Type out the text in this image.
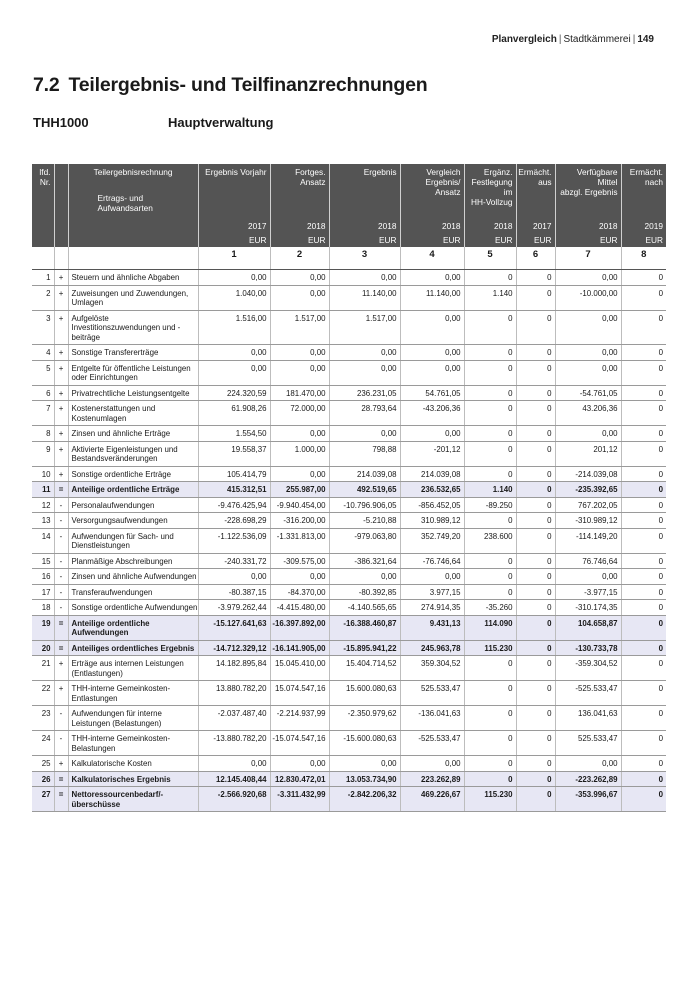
Planvergleich | Stadtkämmerei | 149
7.2 Teilergebnis- und Teilfinanzrechnungen
THH1000	Hauptverwaltung
lfd.
Nr.		Teilergebnisrechnung
Ertrags- und Aufwandsarten	Ergebnis Vorjahr	Fortges.
Ansatz	Ergebnis	Vergleich
Ergebnis/
Ansatz	Ergänz.
Festlegung im
HH-Vollzug	Ermächt.
aus	Verfügbare Mittel
abzgl. Ergebnis	Ermächt.
nach
			2017	2018	2018	2018	2018	2017	2018	2019
			EUR	EUR	EUR	EUR	EUR	EUR	EUR	EUR
			1	2	3	4	5	6	7	8
1	+	Steuern und ähnliche Abgaben	0,00	0,00	0,00	0,00	0	0	0,00	0
2	+	Zuweisungen und Zuwendungen, Umlagen	1.040,00	0,00	11.140,00	11.140,00	1.140	0	-10.000,00	0
3	+	Aufgelöste Investitionszuwendungen und -beiträge	1.516,00	1.517,00	1.517,00	0,00	0	0	0,00	0
4	+	Sonstige Transfererträge	0,00	0,00	0,00	0,00	0	0	0,00	0
5	+	Entgelte für öffentliche Leistungen oder Einrichtungen	0,00	0,00	0,00	0,00	0	0	0,00	0
6	+	Privatrechtliche Leistungsentgelte	224.320,59	181.470,00	236.231,05	54.761,05	0	0	-54.761,05	0
7	+	Kostenerstattungen und Kostenumlagen	61.908,26	72.000,00	28.793,64	-43.206,36	0	0	43.206,36	0
8	+	Zinsen und ähnliche Erträge	1.554,50	0,00	0,00	0,00	0	0	0,00	0
9	+	Aktivierte Eigenleistungen und Bestandsveränderungen	19.558,37	1.000,00	798,88	-201,12	0	0	201,12	0
10	+	Sonstige ordentliche Erträge	105.414,79	0,00	214.039,08	214.039,08	0	0	-214.039,08	0
11	=	Anteilige ordentliche Erträge	415.312,51	255.987,00	492.519,65	236.532,65	1.140	0	-235.392,65	0
12	-	Personalaufwendungen	-9.476.425,94	-9.940.454,00	-10.796.906,05	-856.452,05	-89.250	0	767.202,05	0
13	-	Versorgungsaufwendungen	-228.698,29	-316.200,00	-5.210,88	310.989,12	0	0	-310.989,12	0
14	-	Aufwendungen für Sach- und Dienstleistungen	-1.122.536,09	-1.331.813,00	-979.063,80	352.749,20	238.600	0	-114.149,20	0
15	-	Planmäßige Abschreibungen	-240.331,72	-309.575,00	-386.321,64	-76.746,64	0	0	76.746,64	0
16	-	Zinsen und ähnliche Aufwendungen	0,00	0,00	0,00	0,00	0	0	0,00	0
17	-	Transferaufwendungen	-80.387,15	-84.370,00	-80.392,85	3.977,15	0	0	-3.977,15	0
18	-	Sonstige ordentliche Aufwendungen	-3.979.262,44	-4.415.480,00	-4.140.565,65	274.914,35	-35.260	0	-310.174,35	0
19	=	Anteilige ordentliche Aufwendungen	-15.127.641,63	-16.397.892,00	-16.388.460,87	9.431,13	114.090	0	104.658,87	0
20	=	Anteiliges ordentliches Ergebnis	-14.712.329,12	-16.141.905,00	-15.895.941,22	245.963,78	115.230	0	-130.733,78	0
21	+	Erträge aus internen Leistungen (Entlastungen)	14.182.895,84	15.045.410,00	15.404.714,52	359.304,52	0	0	-359.304,52	0
22	+	THH-interne Gemeinkosten-Entlastungen	13.880.782,20	15.074.547,16	15.600.080,63	525.533,47	0	0	-525.533,47	0
23	-	Aufwendungen für interne Leistungen (Belastungen)	-2.037.487,40	-2.214.937,99	-2.350.979,62	-136.041,63	0	0	136.041,63	0
24	-	THH-interne Gemeinkosten-Belastungen	-13.880.782,20	-15.074.547,16	-15.600.080,63	-525.533,47	0	0	525.533,47	0
25	+	Kalkulatorische Kosten	0,00	0,00	0,00	0,00	0	0	0,00	0
26	=	Kalkulatorisches Ergebnis	12.145.408,44	12.830.472,01	13.053.734,90	223.262,89	0	0	-223.262,89	0
27	=	Nettoressourcenbedarf/-überschüsse	-2.566.920,68	-3.311.432,99	-2.842.206,32	469.226,67	115.230	0	-353.996,67	0
